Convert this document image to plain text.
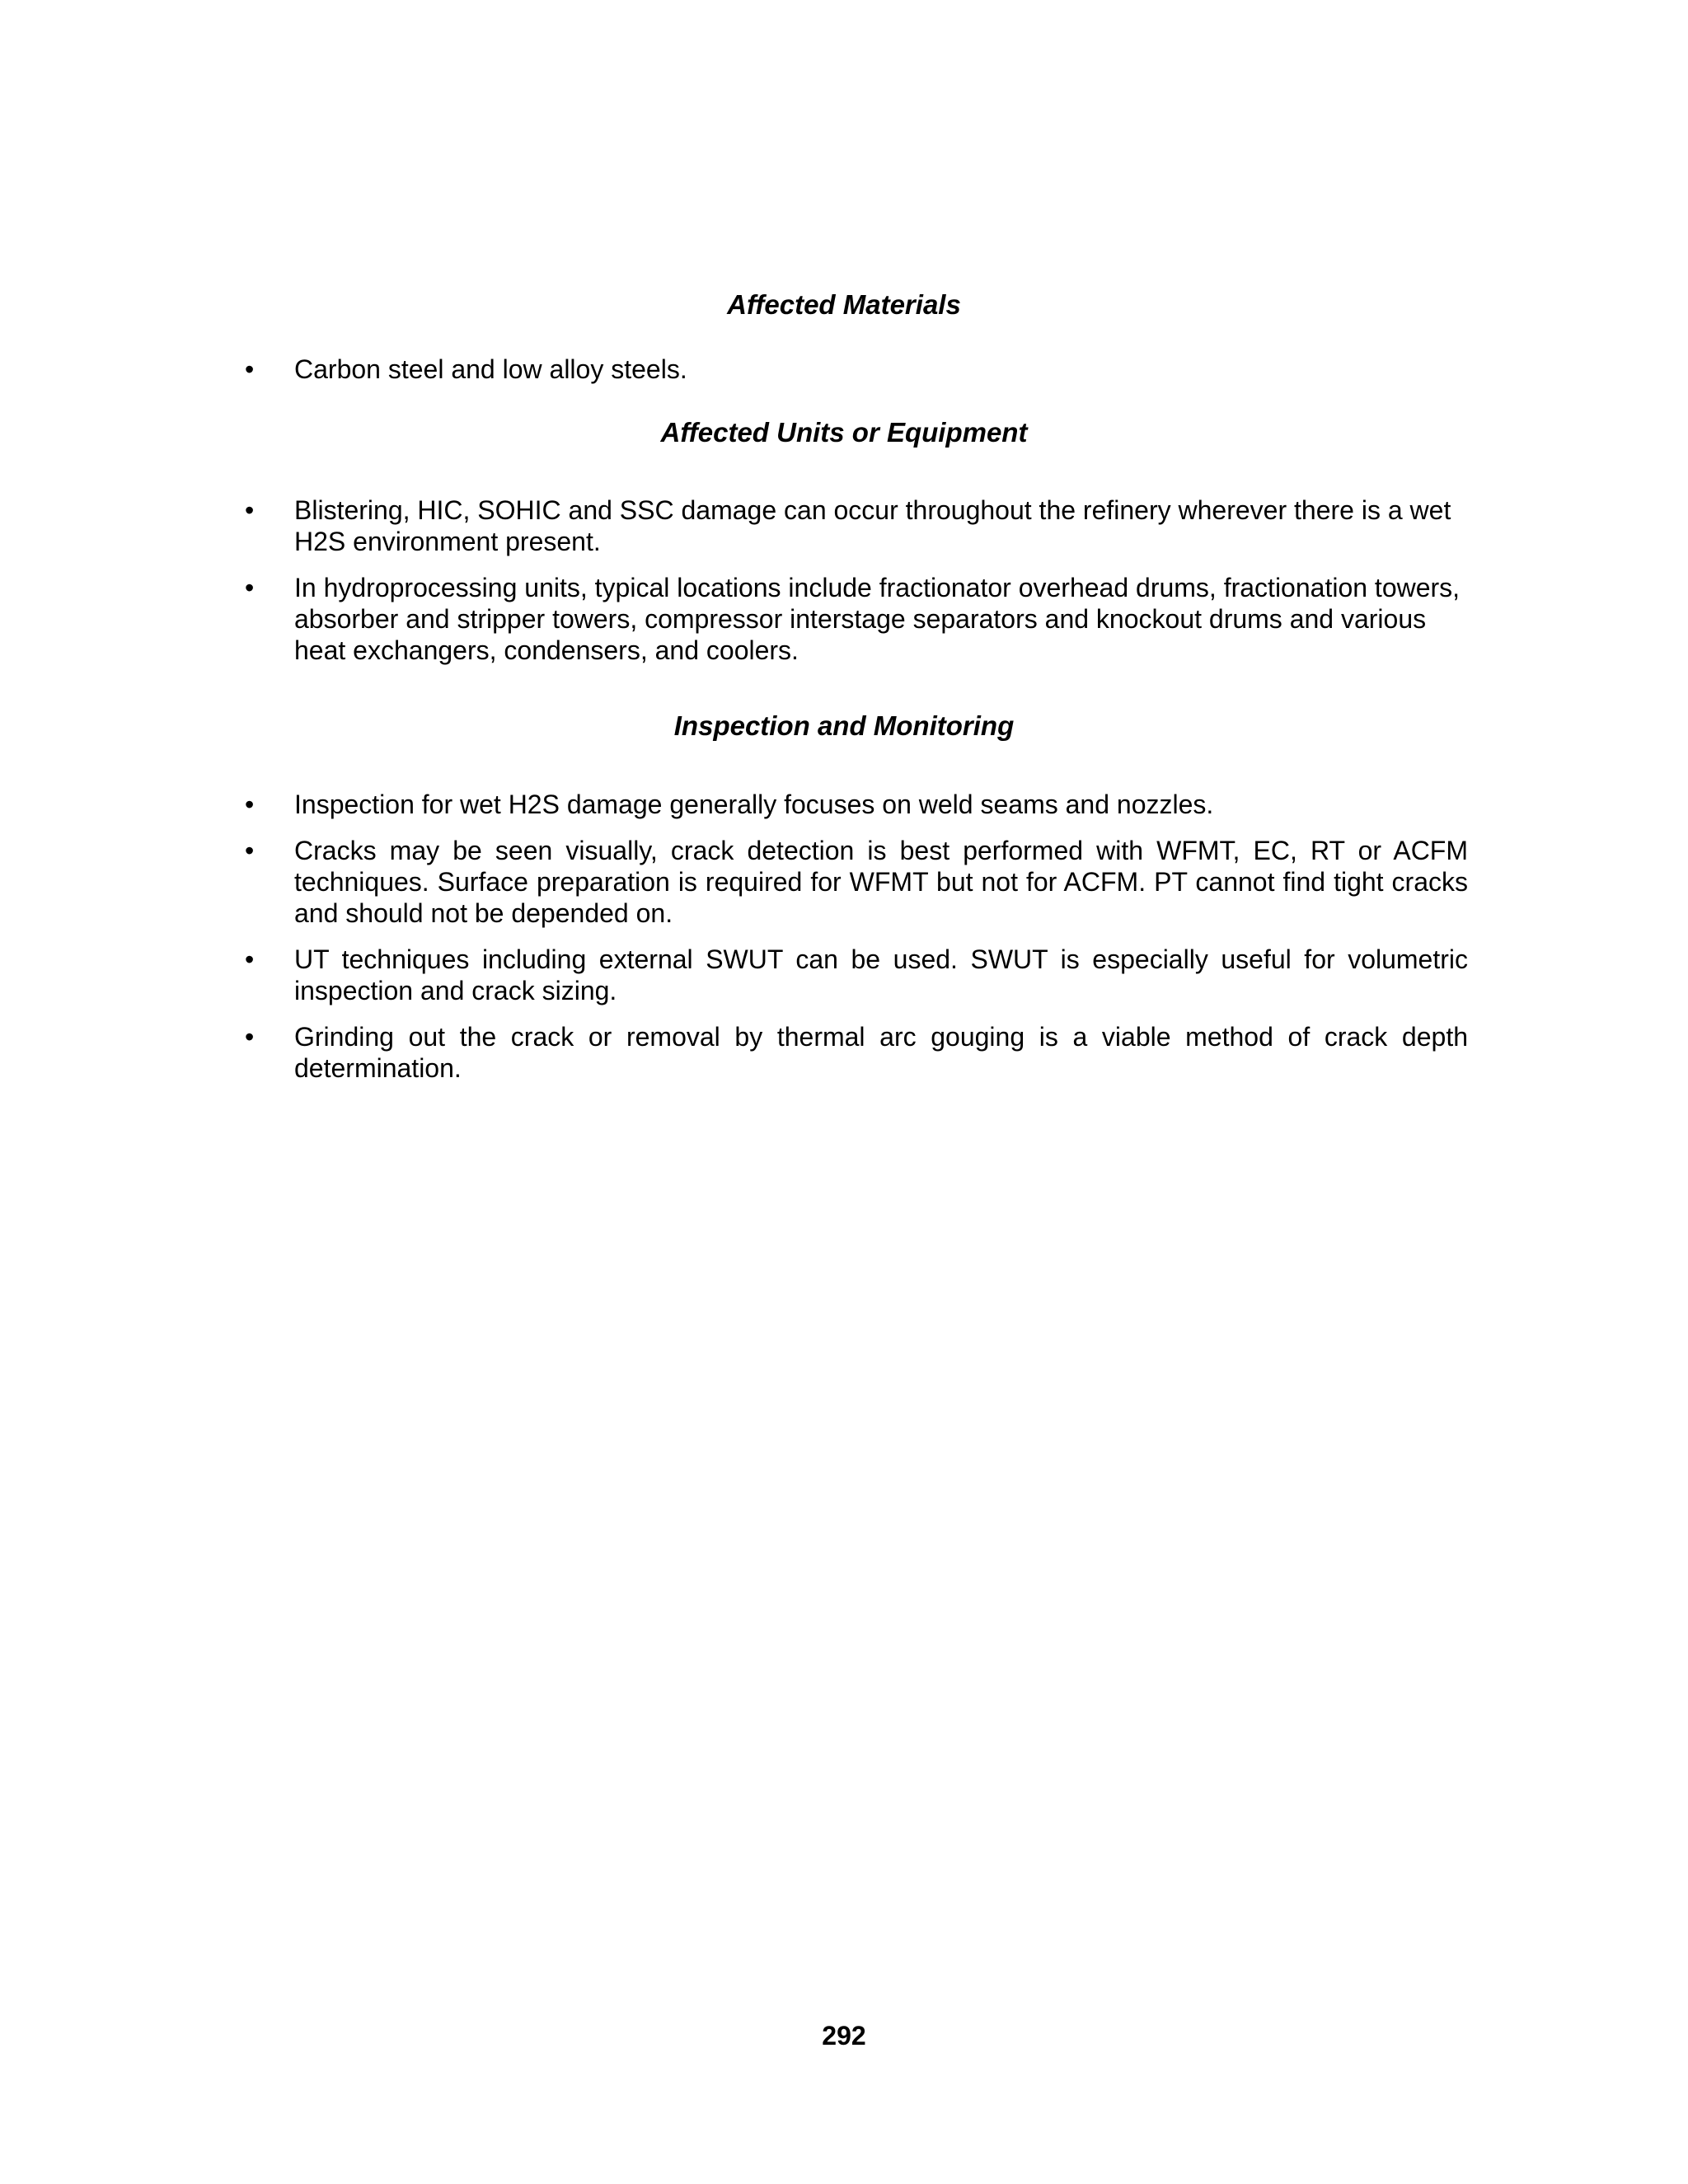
Affected Materials
• Carbon steel and low alloy steels.
Affected Units or Equipment
• Blistering, HIC, SOHIC and SSC damage can occur throughout the refinery wherever there is a wet H2S environment present.
• In hydroprocessing units, typical locations include fractionator overhead drums, fractionation towers, absorber and stripper towers, compressor interstage separators and knockout drums and various heat exchangers, condensers, and coolers.
Inspection and Monitoring
• Inspection for wet H2S damage generally focuses on weld seams and nozzles.
• Cracks may be seen visually, crack detection is best performed with WFMT, EC, RT or ACFM techniques. Surface preparation is required for WFMT but not for ACFM. PT cannot find tight cracks and should not be depended on.
• UT techniques including external SWUT can be used. SWUT is especially useful for volumetric inspection and crack sizing.
• Grinding out the crack or removal by thermal arc gouging is a viable method of crack depth determination.
292
